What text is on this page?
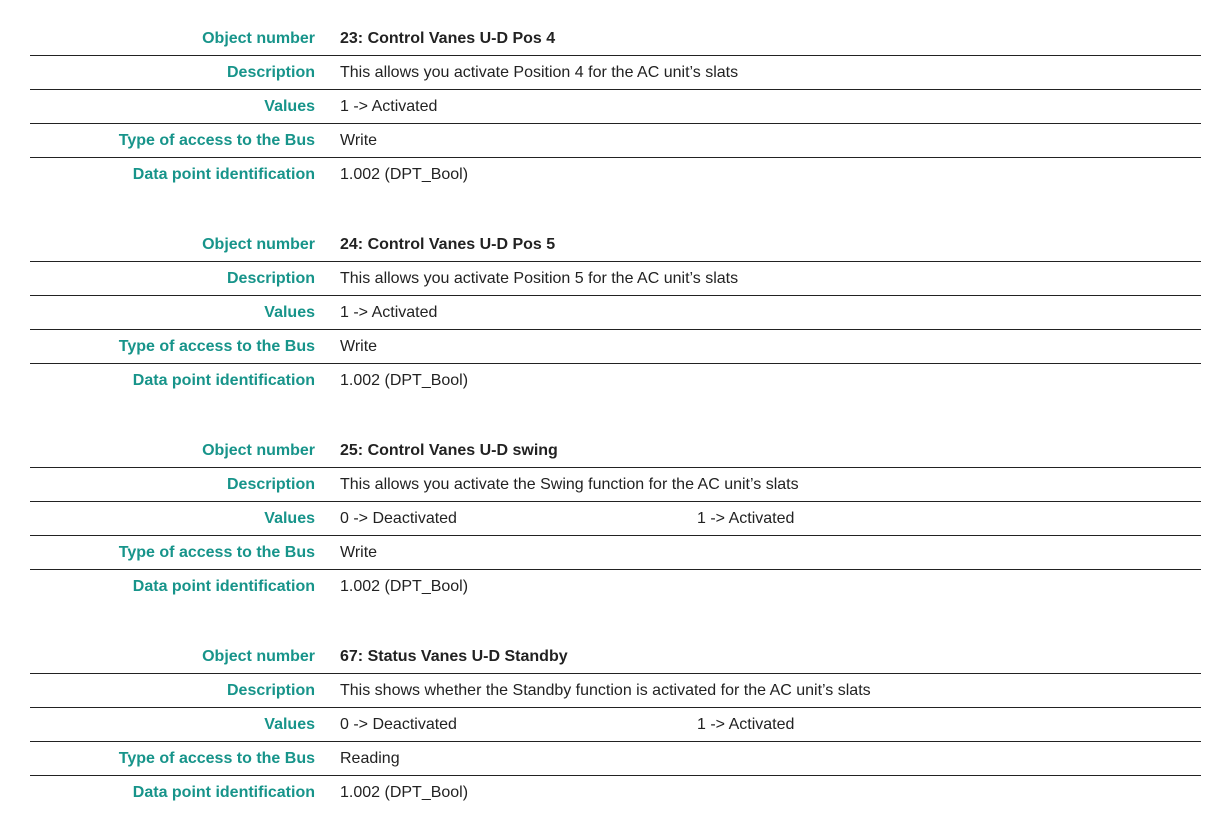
Object number 23: Control Vanes U-D Pos 4
Description This allows you activate Position 4 for the AC unit’s slats
Values 1 -> Activated
Type of access to the Bus Write
Data point identification 1.002 (DPT_Bool)
Object number 24: Control Vanes U-D Pos 5
Description This allows you activate Position 5 for the AC unit’s slats
Values 1 -> Activated
Type of access to the Bus Write
Data point identification 1.002 (DPT_Bool)
Object number 25: Control Vanes U-D swing
Description This allows you activate the Swing function for the AC unit’s slats
Values 0 -> Deactivated	1 -> Activated
Type of access to the Bus Write
Data point identification 1.002 (DPT_Bool)
Object number 67: Status Vanes U-D Standby
Description This shows whether the Standby function is activated for the AC unit’s slats
Values 0 -> Deactivated	1 -> Activated
Type of access to the Bus Reading
Data point identification 1.002 (DPT_Bool)
